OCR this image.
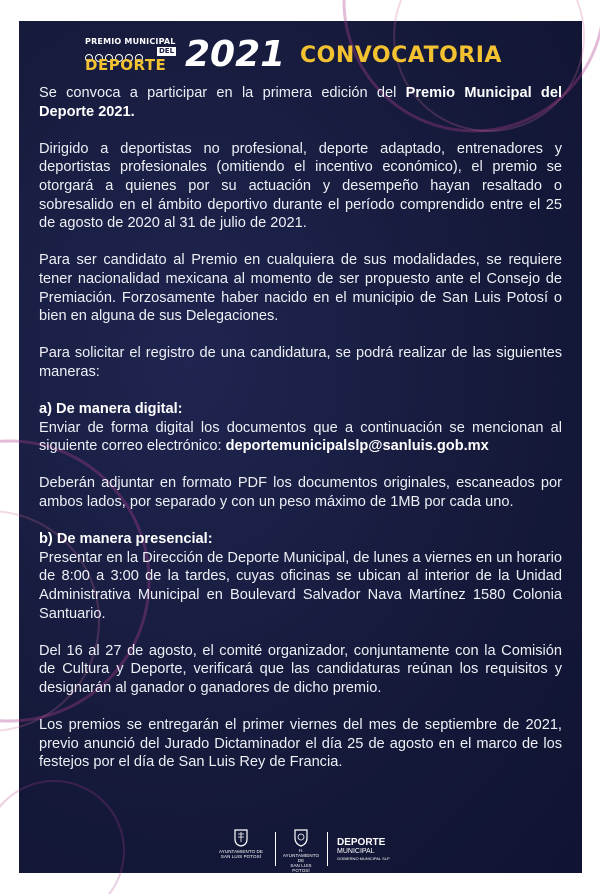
PREMIO MUNICIPAL
DEL
DEPORTE 2021 CONVOCATORIA

Se convoca a participar en la primera edición del Premio Municipal del Deporte 2021.

Dirigido a deportistas no profesional, deporte adaptado, entrenadores y deportistas profesionales (omitiendo el incentivo económico), el premio se otorgará a quienes por su actuación y desempeño hayan resaltado o sobresalido en el ámbito deportivo durante el período comprendido entre el 25 de agosto de 2020 al 31 de julio de 2021.

Para ser candidato al Premio en cualquiera de sus modalidades, se requiere tener nacionalidad mexicana al momento de ser propuesto ante el Consejo de Premiación. Forzosamente haber nacido en el municipio de San Luis Potosí o bien en alguna de sus Delegaciones.

Para solicitar el registro de una candidatura, se podrá realizar de las siguientes maneras:

a) De manera digital:
Enviar de forma digital los documentos que a continuación se mencionan al siguiente correo electrónico: deportemunicipalslp@sanluis.gob.mx

Deberán adjuntar en formato PDF los documentos originales, escaneados por ambos lados, por separado y con un peso máximo de 1MB por cada uno.

b) De manera presencial:
Presentar en la Dirección de Deporte Municipal, de lunes a viernes en un horario de 8:00 a 3:00 de la tardes, cuyas oficinas se ubican al interior de la Unidad Administrativa Municipal en Boulevard Salvador Nava Martínez 1580 Colonia Santuario.

Del 16 al 27 de agosto, el comité organizador, conjuntamente con la Comisión de Cultura y Deporte, verificará que las candidaturas reúnan los requisitos y designarán al ganador o ganadores de dicho premio.

Los premios se entregarán el primer viernes del mes de septiembre de 2021, previo anunció del Jurado Dictaminador el día 25 de agosto en el marco de los festejos por el día de San Luis Rey de Francia.

AYUNTAMIENTO DE
SAN LUIS POTOSÍ
H. AYUNTAMIENTO DE
SAN LUIS POTOSÍ
2021-2024
DEPORTE
MUNICIPAL
GOBIERNO MUNICIPAL SLP
